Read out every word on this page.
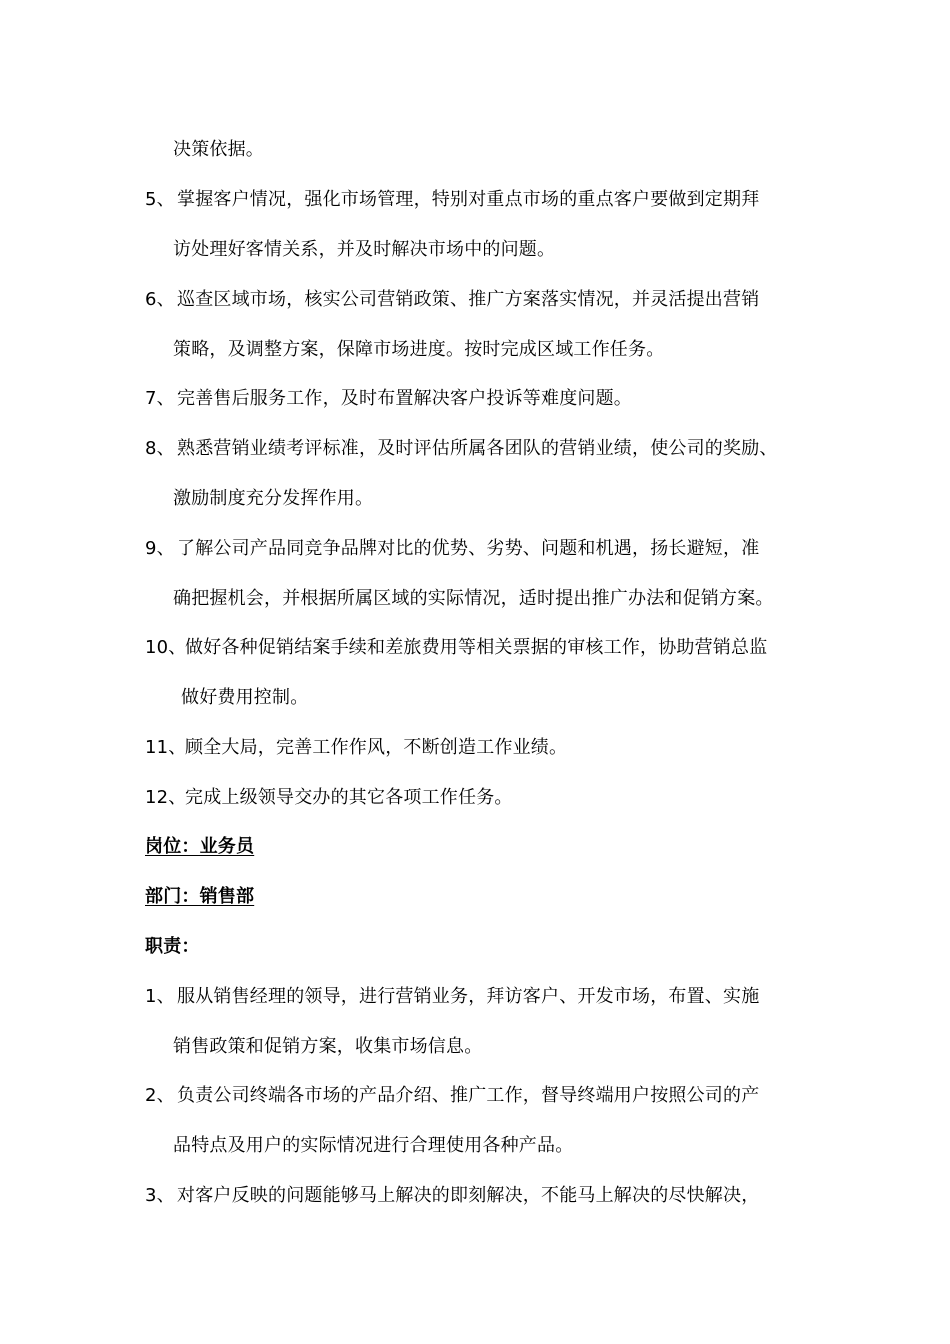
决策依据。
5、 掌握客户情况，强化市场管理，特别对重点市场的重点客户要做到定期拜
访处理好客情关系，并及时解决市场中的问题。
6、 巡查区域市场，核实公司营销政策、推广方案落实情况，并灵活提出营销
策略，及调整方案，保障市场进度。按时完成区域工作任务。
7、 完善售后服务工作，及时布置解决客户投诉等难度问题。
8、 熟悉营销业绩考评标准，及时评估所属各团队的营销业绩，使公司的奖励、
激励制度充分发挥作用。
9、 了解公司产品同竞争品牌对比的优势、劣势、问题和机遇，扬长避短，准
确把握机会，并根据所属区域的实际情况，适时提出推广办法和促销方案。
10、做好各种促销结案手续和差旅费用等相关票据的审核工作，协助营销总监
做好费用控制。
11、顾全大局，完善工作作风，不断创造工作业绩。
12、完成上级领导交办的其它各项工作任务。
岗位：业务员
部门：销售部
职责：
1、 服从销售经理的领导，进行营销业务，拜访客户、开发市场，布置、实施
销售政策和促销方案，收集市场信息。
2、 负责公司终端各市场的产品介绍、推广工作，督导终端用户按照公司的产
品特点及用户的实际情况进行合理使用各种产品。
3、 对客户反映的问题能够马上解决的即刻解决，不能马上解决的尽快解决，
